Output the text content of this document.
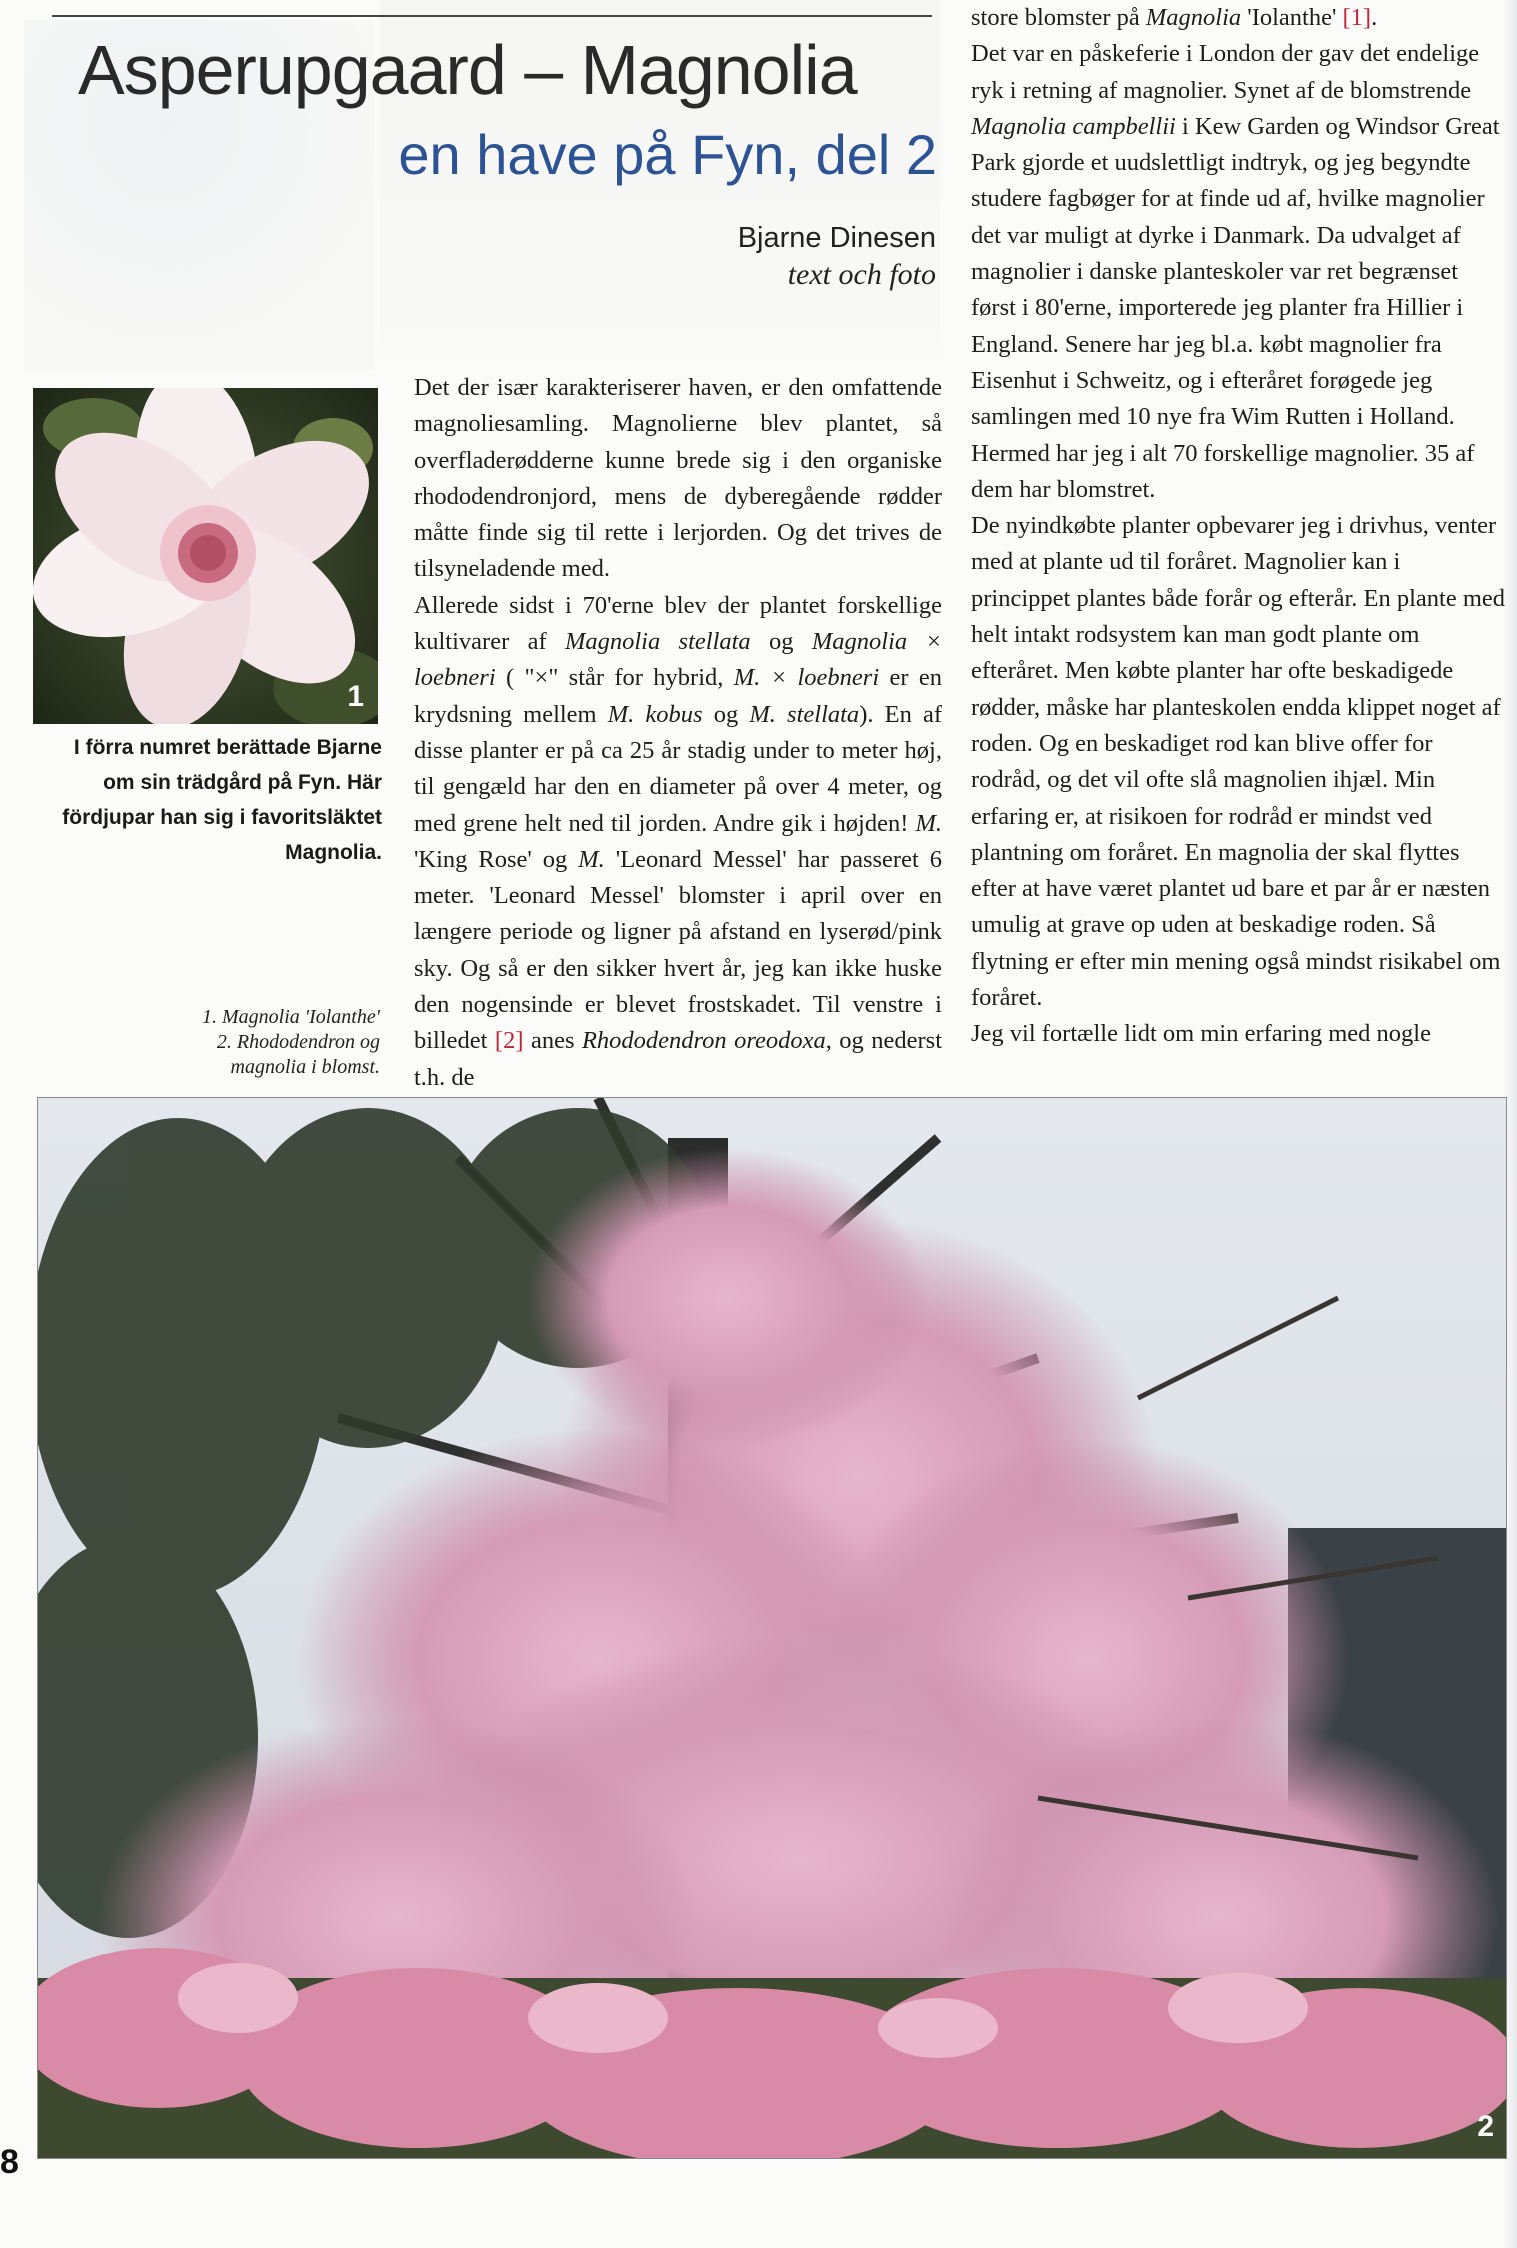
Asperupgaard – Magnolia
en have på Fyn, del 2
Bjarne Dinesen
text och foto
1
I förra numret berättade Bjarne om sin trädgård på Fyn. Här fördjupar han sig i favoritsläktet Magnolia.
1. Magnolia 'Iolanthe'
2. Rhododendron og magnolia i blomst.

Det der især karakteriserer haven, er den omfattende magnoliesamling. Magnolierne blev plantet, så overfladerødderne kunne brede sig i den organiske rhododendronjord, mens de dyberegående rødder måtte finde sig til rette i lerjorden. Og det trives de tilsyneladende med.

Allerede sidst i 70'erne blev der plantet forskellige kultivarer af Magnolia stellata og Magnolia × loebneri ( "×" står for hybrid, M. × loebneri er en krydsning mellem M. kobus og M. stellata). En af disse planter er på ca 25 år stadig under to meter høj, til gengæld har den en diameter på over 4 meter, og med grene helt ned til jorden. Andre gik i højden! M. 'King Rose' og M. 'Leonard Messel' har passeret 6 meter. 'Leonard Messel' blomster i april over en længere periode og ligner på afstand en lyserød/pink sky. Og så er den sikker hvert år, jeg kan ikke huske den nogensinde er blevet frostskadet. Til venstre i billedet [2] anes Rhododendron oreodoxa, og nederst t.h. de

store blomster på Magnolia 'Iolanthe' [1].

Det var en påskeferie i London der gav det endelige ryk i retning af magnolier. Synet af de blomstrende Magnolia campbellii i Kew Garden og Windsor Great Park gjorde et uudslettligt indtryk, og jeg begyndte studere fagbøger for at finde ud af, hvilke magnolier det var muligt at dyrke i Danmark. Da udvalget af magnolier i danske planteskoler var ret begrænset først i 80'erne, importerede jeg planter fra Hillier i England. Senere har jeg bl.a. købt magnolier fra Eisenhut i Schweitz, og i efteråret forøgede jeg samlingen med 10 nye fra Wim Rutten i Holland. Hermed har jeg i alt 70 forskellige magnolier. 35 af dem har blomstret.

De nyindkøbte planter opbevarer jeg i drivhus, venter med at plante ud til foråret. Magnolier kan i princippet plantes både forår og efterår. En plante med helt intakt rodsystem kan man godt plante om efteråret. Men købte planter har ofte beskadigede rødder, måske har planteskolen endda klippet noget af roden. Og en beskadiget rod kan blive offer for rodråd, og det vil ofte slå magnolien ihjæl. Min erfaring er, at risikoen for rodråd er mindst ved plantning om foråret. En magnolia der skal flyttes efter at have været plantet ud bare et par år er næsten umulig at grave op uden at beskadige roden. Så flytning er efter min mening også mindst risikabel om foråret.

Jeg vil fortælle lidt om min erfaring med nogle

2
8
